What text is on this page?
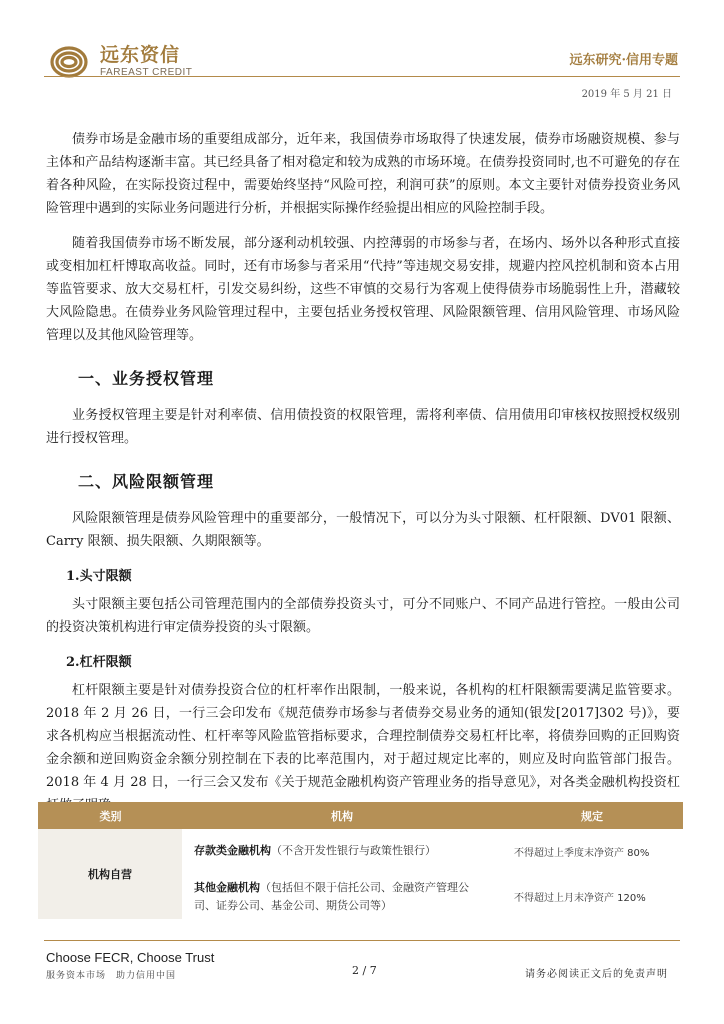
远东资信
FAREAST CREDIT
远东研究·信用专题
2019 年 5 月 21 日

债券市场是金融市场的重要组成部分，近年来，我国债券市场取得了快速发展，债券市场融资规模、参与主体和产品结构逐渐丰富。其已经具备了相对稳定和较为成熟的市场环境。在债券投资同时,也不可避免的存在着各种风险，在实际投资过程中，需要始终坚持“风险可控，利润可获”的原则。本文主要针对债券投资业务风险管理中遇到的实际业务问题进行分析，并根据实际操作经验提出相应的风险控制手段。

随着我国债券市场不断发展，部分逐利动机较强、内控薄弱的市场参与者，在场内、场外以各种形式直接或变相加杠杆博取高收益。同时，还有市场参与者采用“代持”等违规交易安排，规避内控风控机制和资本占用等监管要求、放大交易杠杆，引发交易纠纷，这些不审慎的交易行为客观上使得债券市场脆弱性上升，潜藏较大风险隐患。在债券业务风险管理过程中，主要包括业务授权管理、风险限额管理、信用风险管理、市场风险管理以及其他风险管理等。

一、业务授权管理

业务授权管理主要是针对利率债、信用债投资的权限管理，需将利率债、信用债用印审核权按照授权级别进行授权管理。

二、风险限额管理

风险限额管理是债券风险管理中的重要部分，一般情况下，可以分为头寸限额、杠杆限额、DV01 限额、Carry 限额、损失限额、久期限额等。

1.头寸限额

头寸限额主要包括公司管理范围内的全部债券投资头寸，可分不同账户、不同产品进行管控。一般由公司的投资决策机构进行审定债券投资的头寸限额。

2.杠杆限额

杠杆限额主要是针对债券投资合位的杠杆率作出限制，一般来说，各机构的杠杆限额需要满足监管要求。2018 年 2 月 26 日，一行三会印发布《规范债券市场参与者债券交易业务的通知(银发[2017]302 号)》，要求各机构应当根据流动性、杠杆率等风险监管指标要求，合理控制债券交易杠杆比率，将债券回购的正回购资金余额和逆回购资金余额分别控制在下表的比率范围内，对于超过规定比率的，则应及时向监管部门报告。2018 年 4 月 28 日，一行三会又发布《关于规范金融机构资产管理业务的指导意见》，对各类金融机构投资杠

类别	机构	规定
机构自营	存款类金融机构（不含开发性银行与政策性银行）	不得超过上季度末净资产 80%
	其他金融机构（包括但不限于信托公司、金融资产管理公司、证券公司、基金公司、期货公司等）	不得超过上月末净资产 120%
Choose FECR, Choose Trust
服务资本市场　助力信用中国	2 / 7	请务必阅读正文后的免责声明
